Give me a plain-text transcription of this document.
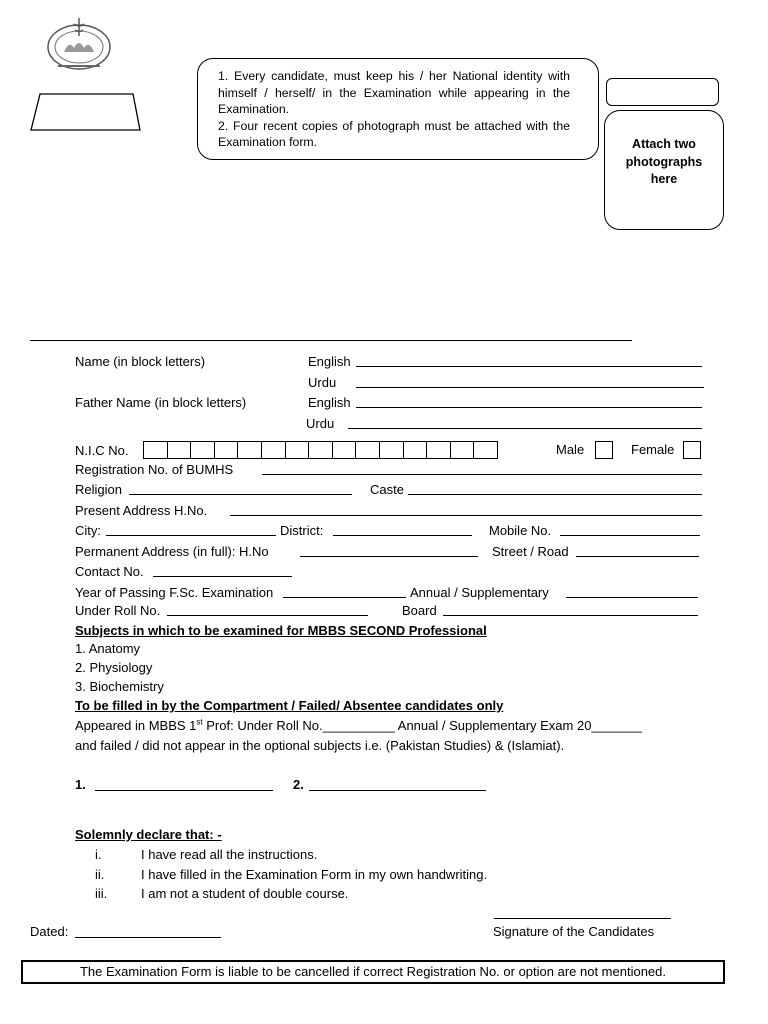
1. Every candidate, must keep his / her National identity with himself / herself/ in the Examination while appearing in the Examination.

2. Four recent copies of photograph must be attached with the Examination form.	Attach two
photographs
here
Name (in block letters)	English
Urdu
Father Name (in block letters)	English
Urdu
N.I.C No.	Male	Female
Registration No. of BUMHS
Religion	Caste
Present Address H.No.
City:	District:	Mobile No.
Permanent Address (in full): H.No	Street / Road
Contact No.
Year of Passing F.Sc. Examination	Annual / Supplementary
Under Roll No.	Board
Subjects in which to be examined for MBBS SECOND Professional
1. Anatomy
2. Physiology
3. Biochemistry
To be filled in by the Compartment / Failed/ Absentee candidates only
Appeared in MBBS 1st Prof: Under Roll No.__________ Annual / Supplementary Exam 20_______
and failed / did not appear in the optional subjects i.e. (Pakistan Studies) & (Islamiat).
1.	2.
Solemnly declare that: -
i.	I have read all the instructions.
ii.	I have filled in the Examination Form in my own handwriting.
iii.	I am not a student of double course.
Dated:	Signature of the Candidates
The Examination Form is liable to be cancelled if correct Registration No. or option are not mentioned.
